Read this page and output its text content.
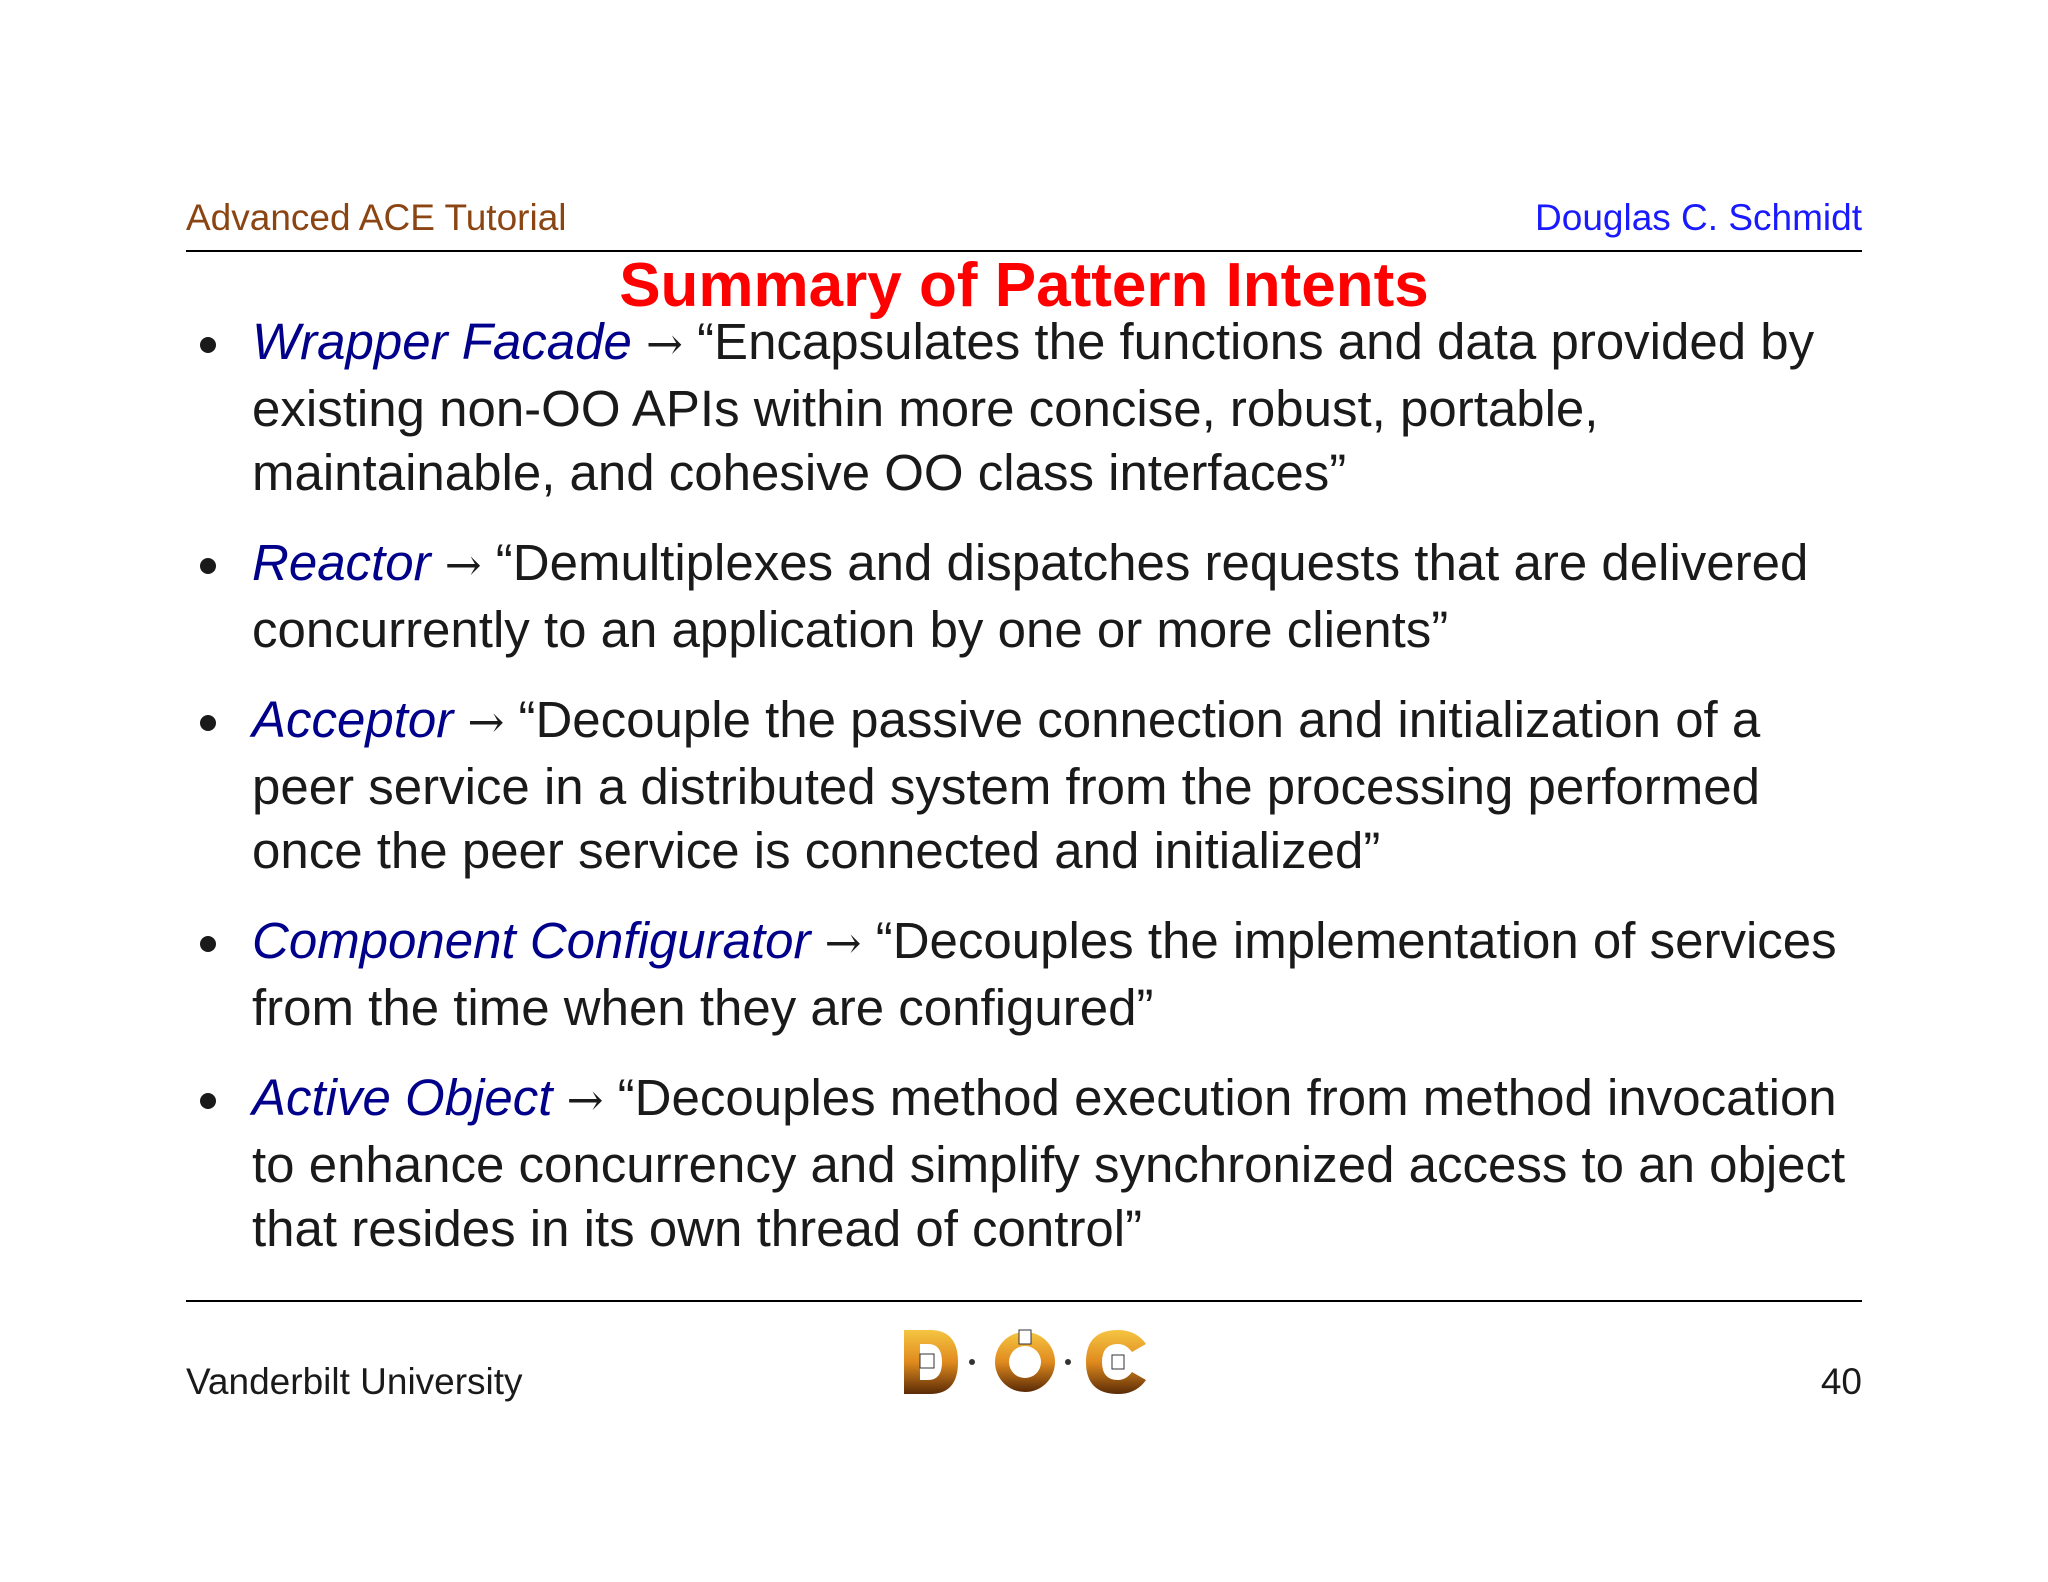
Advanced ACE Tutorial	Douglas C. Schmidt
Summary of Pattern Intents
Wrapper Facade → “Encapsulates the functions and data provided by existing non-OO APIs within more concise, robust, portable, maintainable, and cohesive OO class interfaces”
Reactor → “Demultiplexes and dispatches requests that are delivered concurrently to an application by one or more clients”
Acceptor → “Decouple the passive connection and initialization of a peer service in a distributed system from the processing performed once the peer service is connected and initialized”
Component Configurator → “Decouples the implementation of services from the time when they are configured”
Active Object → “Decouples method execution from method invocation to enhance concurrency and simplify synchronized access to an object that resides in its own thread of control”
Vanderbilt University	40
